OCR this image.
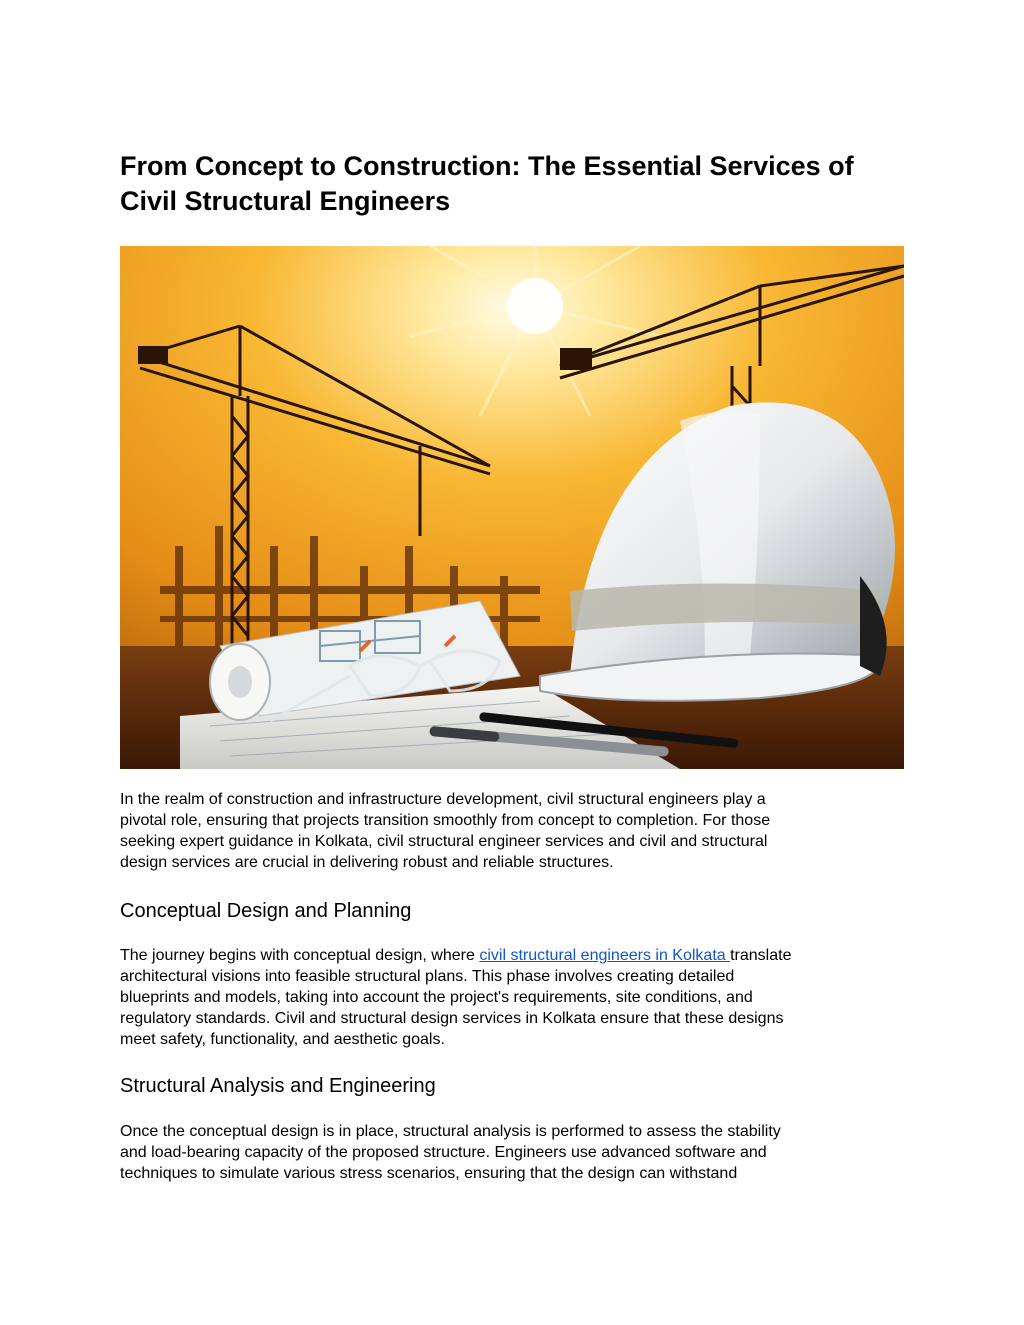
From Concept to Construction: The Essential Services of
Civil Structural Engineers

In the realm of construction and infrastructure development, civil structural engineers play a
pivotal role, ensuring that projects transition smoothly from concept to completion. For those
seeking expert guidance in Kolkata, civil structural engineer services and civil and structural
design services are crucial in delivering robust and reliable structures.

Conceptual Design and Planning

The journey begins with conceptual design, where civil structural engineers in Kolkata translate
architectural visions into feasible structural plans. This phase involves creating detailed
blueprints and models, taking into account the project's requirements, site conditions, and
regulatory standards. Civil and structural design services in Kolkata ensure that these designs
meet safety, functionality, and aesthetic goals.

Structural Analysis and Engineering

Once the conceptual design is in place, structural analysis is performed to assess the stability
and load-bearing capacity of the proposed structure. Engineers use advanced software and
techniques to simulate various stress scenarios, ensuring that the design can withstand
